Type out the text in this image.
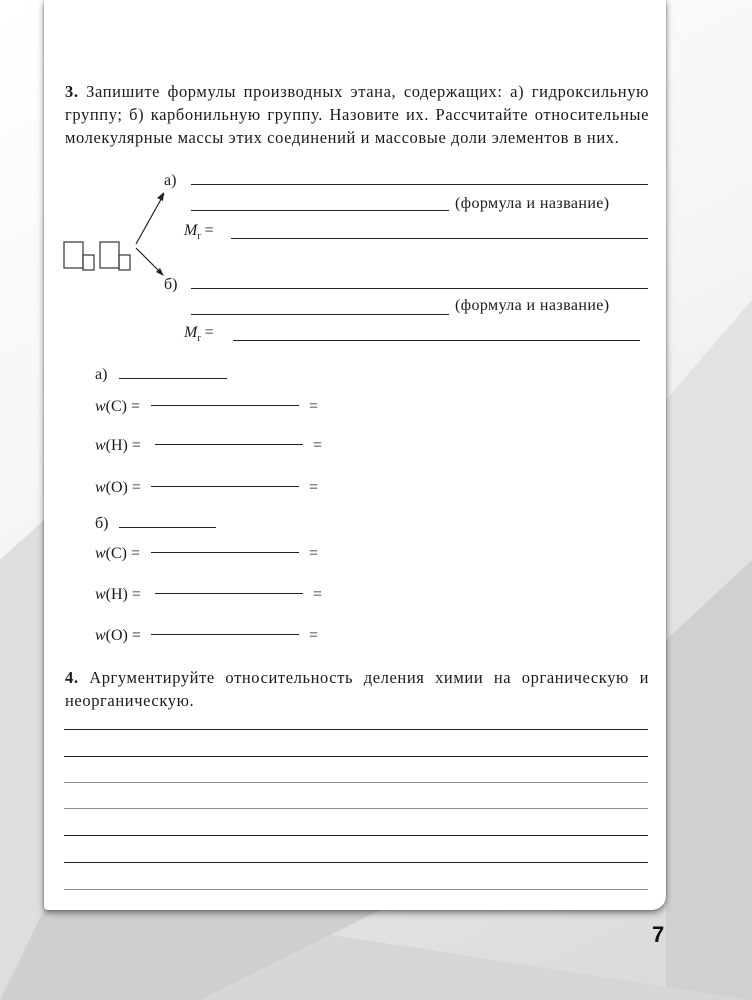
3. Запишите формулы производных этана, содержащих: а) гидроксильную группу; б) карбонильную группу. Назовите их. Рассчитайте относительные молекулярные массы этих соединений и массовые доли элементов в них.
а)
(формула и название)
$M_r$ =
б)
(формула и название)
$M_r$ =
а)
w(C) =	=
w(H) =	=
w(O) =	=
б)
w(C) =	=
w(H) =	=
w(O) =	=
4. Аргументируйте относительность деления химии на органическую и неорганическую.
7
